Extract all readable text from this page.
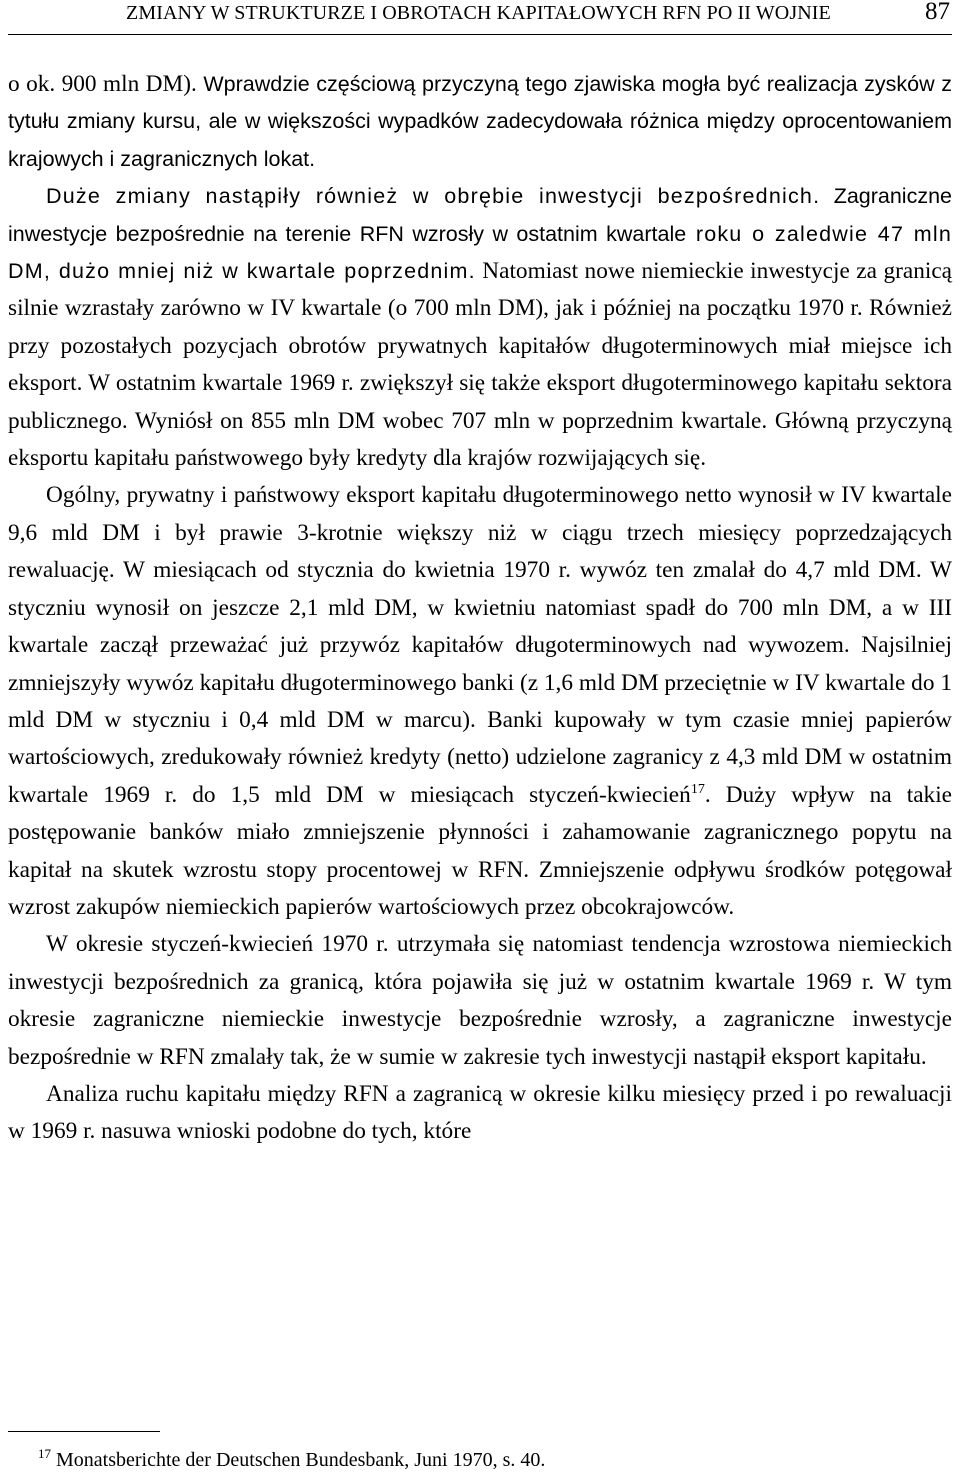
ZMIANY W STRUKTURZE I OBROTACH KAPITAŁOWYCH RFN PO II WOJNIE	87

o ok. 900 mln DM). Wprawdzie częściową przyczyną tego zjawiska mogła być realizacja zysków z tytułu zmiany kursu, ale w większości wypadków zadecydowała różnica między oprocentowaniem krajowych i zagranicznych lokat.

Duże zmiany nastąpiły również w obrębie inwestycji bezpośrednich. Zagraniczne inwestycje bezpośrednie na terenie RFN wzrosły w ostatnim kwartale roku o zaledwie 47 mln DM, dużo mniej niż w kwartale poprzednim. Natomiast nowe niemieckie inwestycje za granicą silnie wzrastały zarówno w IV kwartale (o 700 mln DM), jak i później na początku 1970 r. Również przy pozostałych pozycjach obrotów prywatnych kapitałów długoterminowych miał miejsce ich eksport. W ostatnim kwartale 1969 r. zwiększył się także eksport długoterminowego kapitału sektora publicznego. Wyniósł on 855 mln DM wobec 707 mln w poprzednim kwartale. Główną przyczyną eksportu kapitału państwowego były kredyty dla krajów rozwijających się.

Ogólny, prywatny i państwowy eksport kapitału długoterminowego netto wynosił w IV kwartale 9,6 mld DM i był prawie 3-krotnie większy niż w ciągu trzech miesięcy poprzedzających rewaluację. W miesiącach od stycznia do kwietnia 1970 r. wywóz ten zmalał do 4,7 mld DM. W styczniu wynosił on jeszcze 2,1 mld DM, w kwietniu natomiast spadł do 700 mln DM, a w III kwartale zaczął przeważać już przywóz kapitałów długoterminowych nad wywozem. Najsilniej zmniejszyły wywóz kapitału długoterminowego banki (z 1,6 mld DM przeciętnie w IV kwartale do 1 mld DM w styczniu i 0,4 mld DM w marcu). Banki kupowały w tym czasie mniej papierów wartościowych, zredukowały również kredyty (netto) udzielone zagranicy z 4,3 mld DM w ostatnim kwartale 1969 r. do 1,5 mld DM w miesiącach styczeń-kwiecień$^{17}$. Duży wpływ na takie postępowanie banków miało zmniejszenie płynności i zahamowanie zagranicznego popytu na kapitał na skutek wzrostu stopy procentowej w RFN. Zmniejszenie odpływu środków potęgował wzrost zakupów niemieckich papierów wartościowych przez obcokrajowców.

W okresie styczeń-kwiecień 1970 r. utrzymała się natomiast tendencja wzrostowa niemieckich inwestycji bezpośrednich za granicą, która pojawiła się już w ostatnim kwartale 1969 r. W tym okresie zagraniczne niemieckie inwestycje bezpośrednie wzrosły, a zagraniczne inwestycje bezpośrednie w RFN zmalały tak, że w sumie w zakresie tych inwestycji nastąpił eksport kapitału.

Analiza ruchu kapitału między RFN a zagranicą w okresie kilku miesięcy przed i po rewaluacji w 1969 r. nasuwa wnioski podobne do tych, które

$^{17}$ Monatsberichte der Deutschen Bundesbank, Juni 1970, s. 40.
